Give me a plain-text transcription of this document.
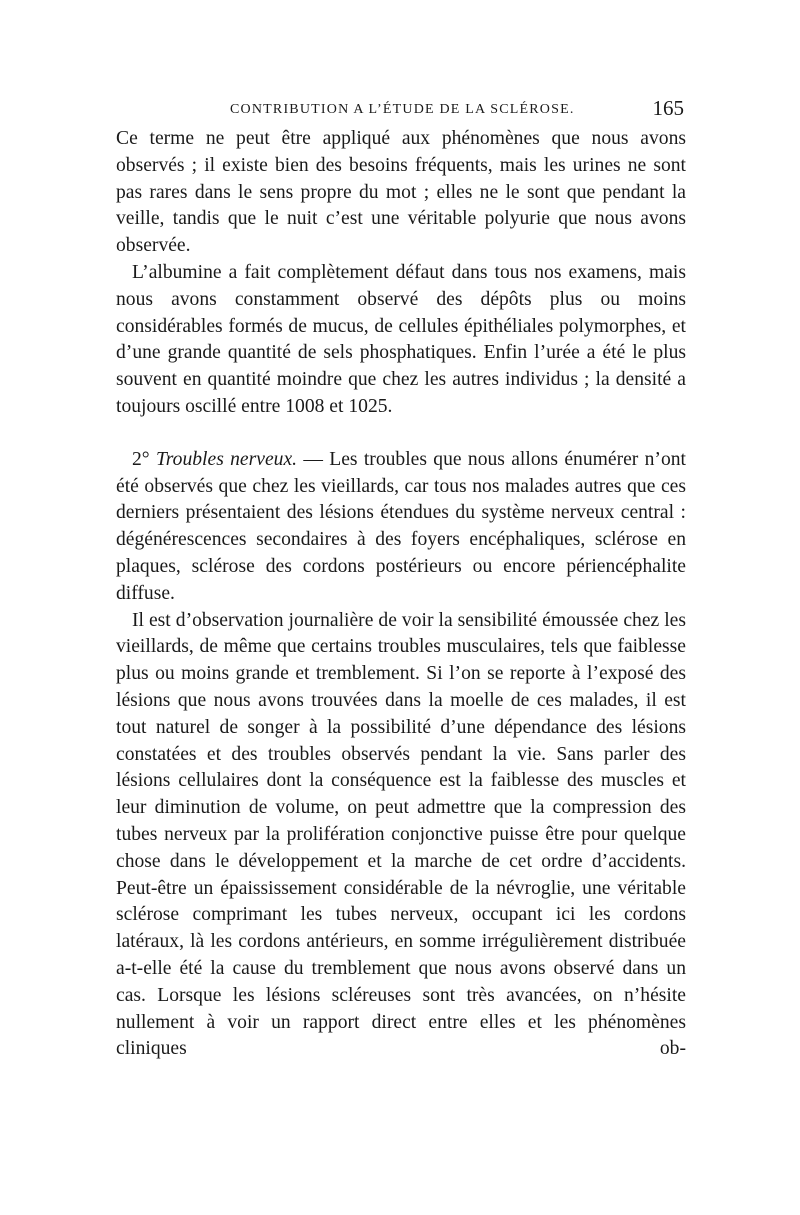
CONTRIBUTION A L’ÉTUDE DE LA SCLÉROSE.	165

Ce terme ne peut être appliqué aux phénomènes que nous avons observés ; il existe bien des besoins fréquents, mais les urines ne sont pas rares dans le sens propre du mot ; elles ne le sont que pendant la veille, tandis que le nuit c’est une véritable polyurie que nous avons observée.

L’albumine a fait complètement défaut dans tous nos examens, mais nous avons constamment observé des dépôts plus ou moins considérables formés de mucus, de cellules épithéliales polymorphes, et d’une grande quantité de sels phosphatiques. Enfin l’urée a été le plus souvent en quantité moindre que chez les autres individus ; la densité a toujours oscillé entre 1008 et 1025.

2° Troubles nerveux. — Les troubles que nous allons énumérer n’ont été observés que chez les vieillards, car tous nos malades autres que ces derniers présentaient des lésions étendues du système nerveux central : dégénérescences secondaires à des foyers encéphaliques, sclérose en plaques, sclérose des cordons postérieurs ou encore périencéphalite diffuse.

Il est d’observation journalière de voir la sensibilité émoussée chez les vieillards, de même que certains troubles musculaires, tels que faiblesse plus ou moins grande et tremblement. Si l’on se reporte à l’exposé des lésions que nous avons trouvées dans la moelle de ces malades, il est tout naturel de songer à la possibilité d’une dépendance des lésions constatées et des troubles observés pendant la vie. Sans parler des lésions cellulaires dont la conséquence est la faiblesse des muscles et leur diminution de volume, on peut admettre que la compression des tubes nerveux par la prolifération conjonctive puisse être pour quelque chose dans le développement et la marche de cet ordre d’accidents. Peut-être un épaississement considérable de la névroglie, une véritable sclérose comprimant les tubes nerveux, occupant ici les cordons latéraux, là les cordons antérieurs, en somme irrégulièrement distribuée a-t-elle été la cause du tremblement que nous avons observé dans un cas. Lorsque les lésions scléreuses sont très avancées, on n’hésite nullement à voir un rapport direct entre elles et les phénomènes cliniques ob-
